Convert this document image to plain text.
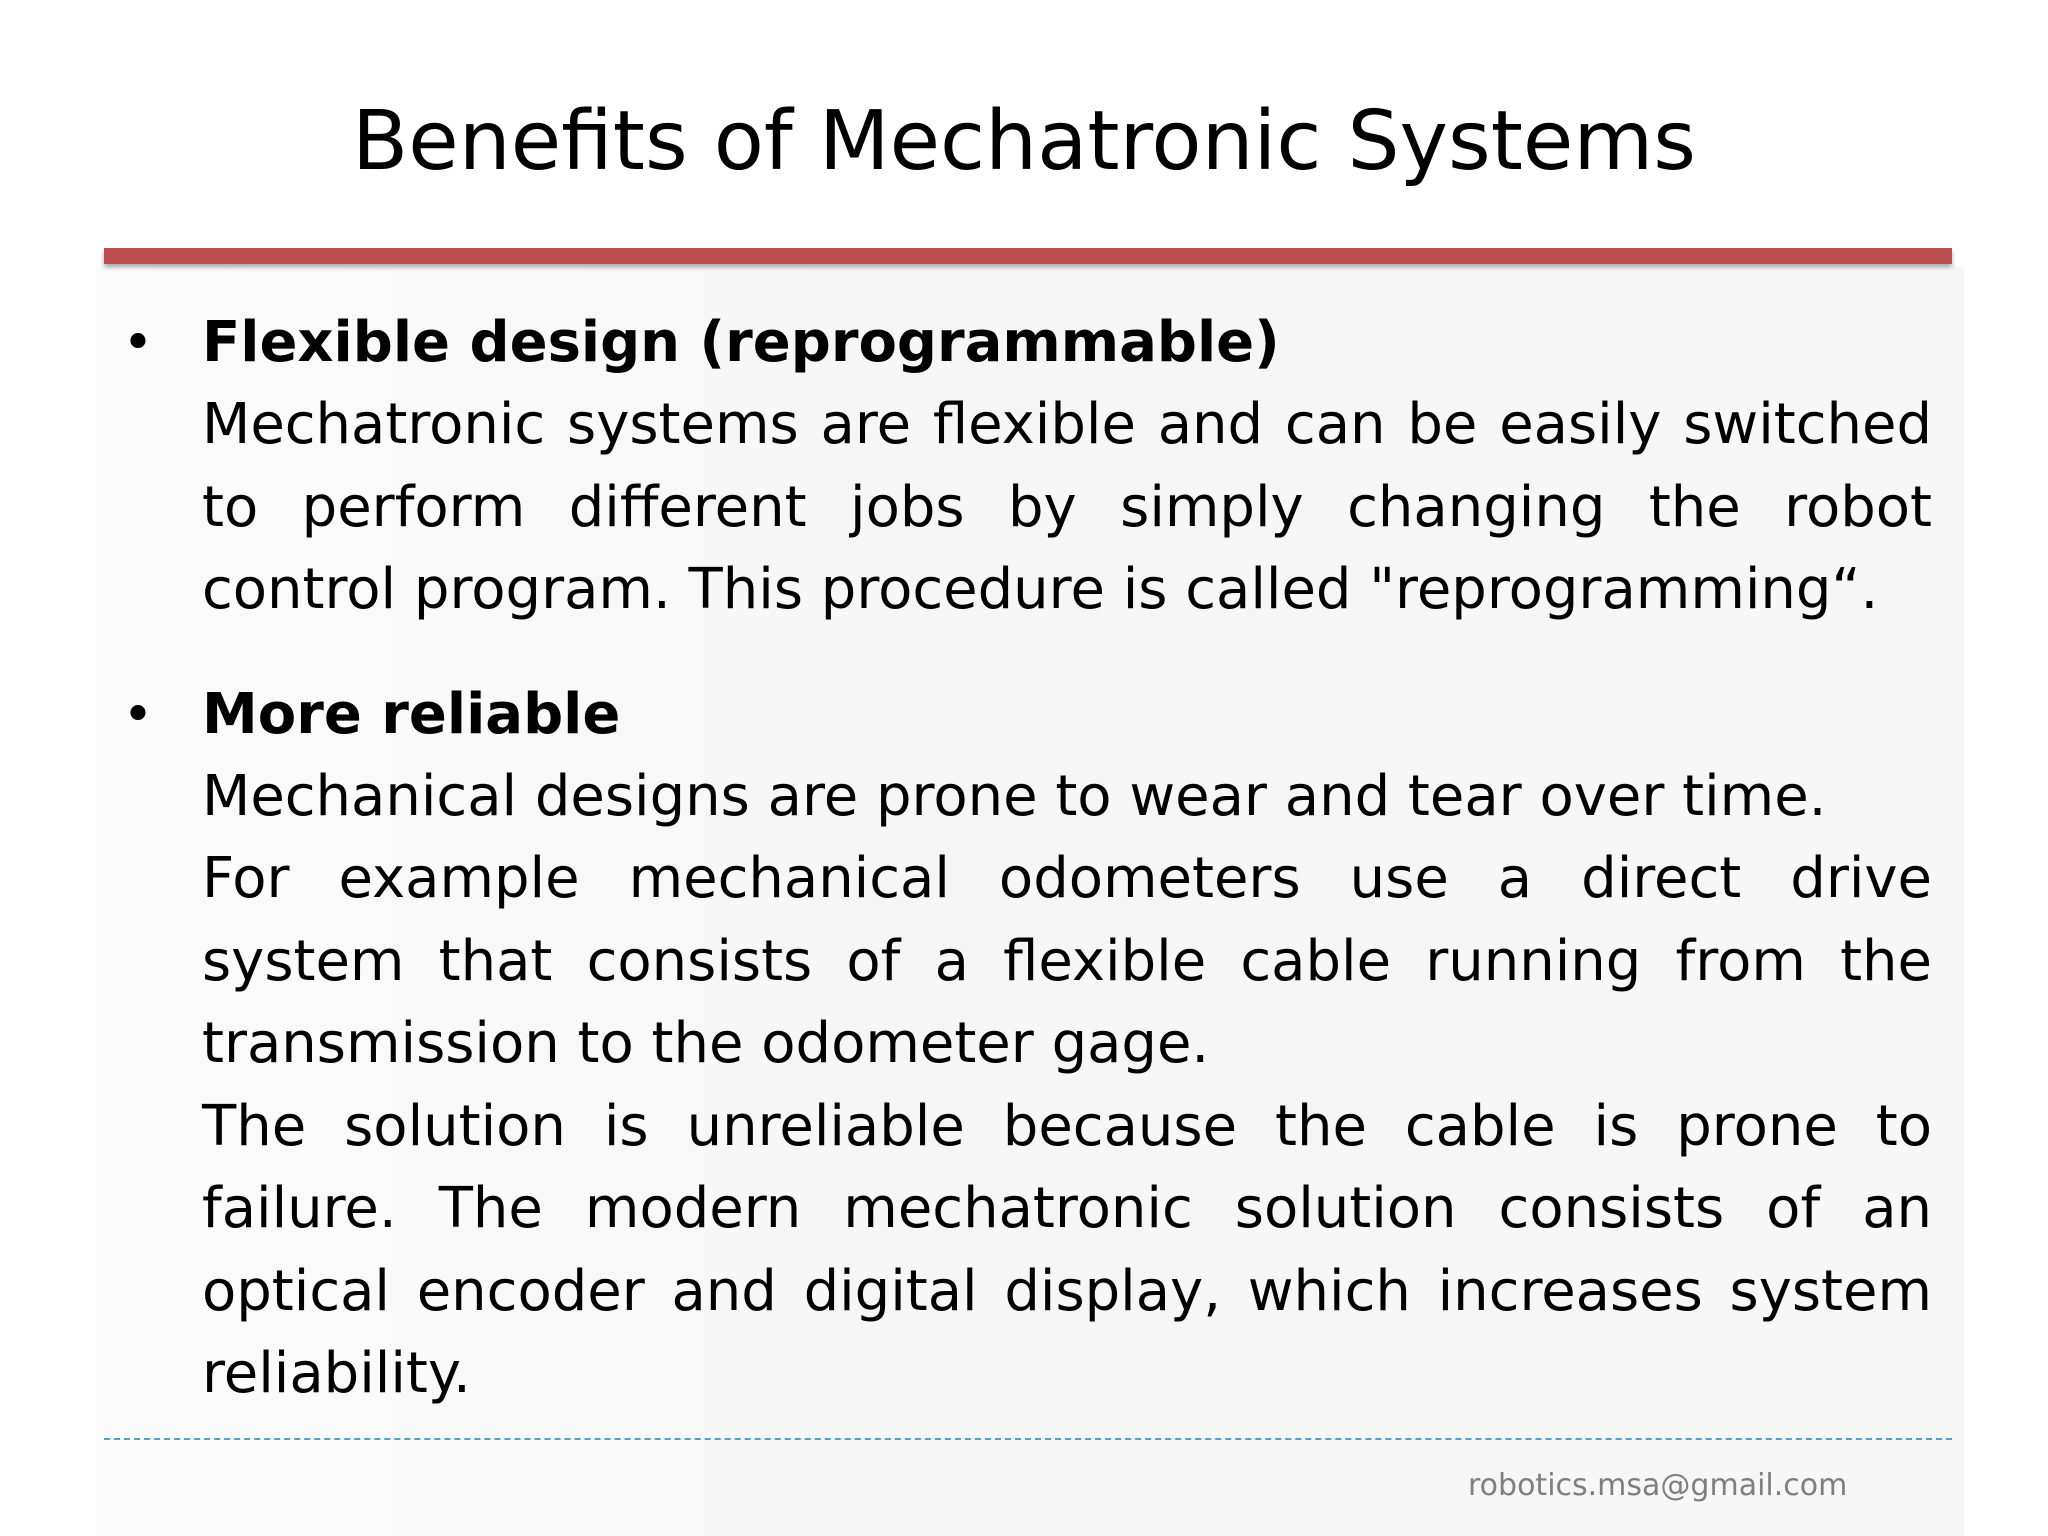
Benefits of Mechatronic Systems
• Flexible design (reprogrammable)

Mechatronic systems are flexible and can be easily switched to perform different jobs by simply changing the robot control program. This procedure is called "reprogramming“.

• More reliable

Mechanical designs are prone to wear and tear over time.

For example mechanical odometers use a direct drive system that consists of a flexible cable running from the transmission to the odometer gage.

The solution is unreliable because the cable is prone to failure. The modern mechatronic solution consists of an optical encoder and digital display, which increases system reliability.

robotics.msa@gmail.com
